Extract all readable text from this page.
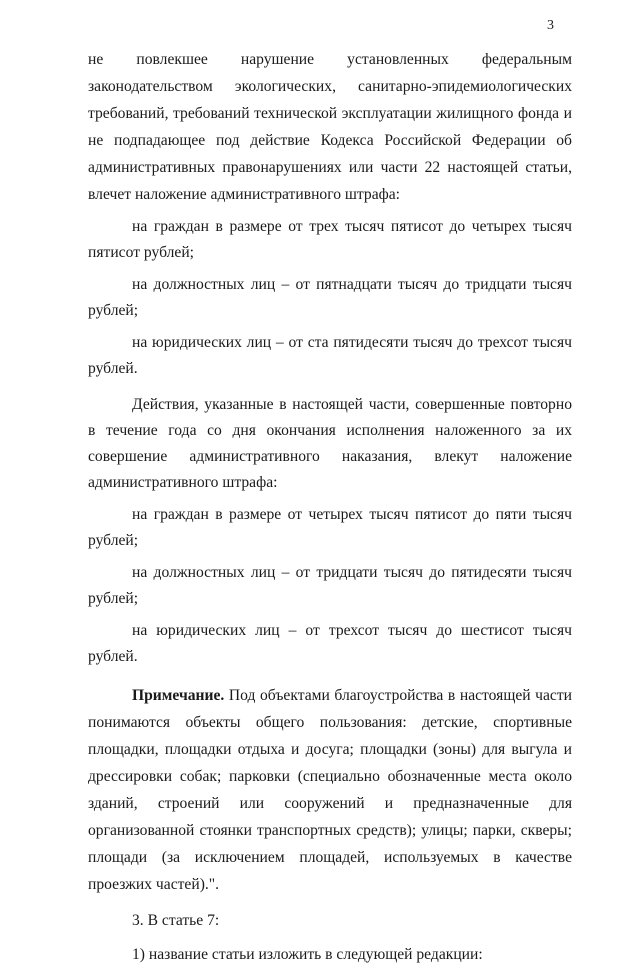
3

не повлекшее нарушение установленных федеральным законодательством экологических, санитарно-эпидемиологических требований, требований технической эксплуатации жилищного фонда и не подпадающее под действие Кодекса Российской Федерации об административных правонарушениях или части 22 настоящей статьи, влечет наложение административного штрафа:

на граждан в размере от трех тысяч пятисот до четырех тысяч пятисот рублей;

на должностных лиц – от пятнадцати тысяч до тридцати тысяч рублей;

на юридических лиц – от ста пятидесяти тысяч до трехсот тысяч рублей.

Действия, указанные в настоящей части, совершенные повторно в течение года со дня окончания исполнения наложенного за их совершение административного наказания, влекут наложение административного штрафа:

на граждан в размере от четырех тысяч пятисот до пяти тысяч рублей;

на должностных лиц – от тридцати тысяч до пятидесяти тысяч рублей;

на юридических лиц – от трехсот тысяч до шестисот тысяч рублей.

Примечание. Под объектами благоустройства в настоящей части понимаются объекты общего пользования: детские, спортивные площадки, площадки отдыха и досуга; площадки (зоны) для выгула и дрессировки собак; парковки (специально обозначенные места около зданий, строений или сооружений и предназначенные для организованной стоянки транспортных средств); улицы; парки, скверы; площади (за исключением площадей, используемых в качестве проезжих частей).".

3. В статье 7:

1) название статьи изложить в следующей редакции:
